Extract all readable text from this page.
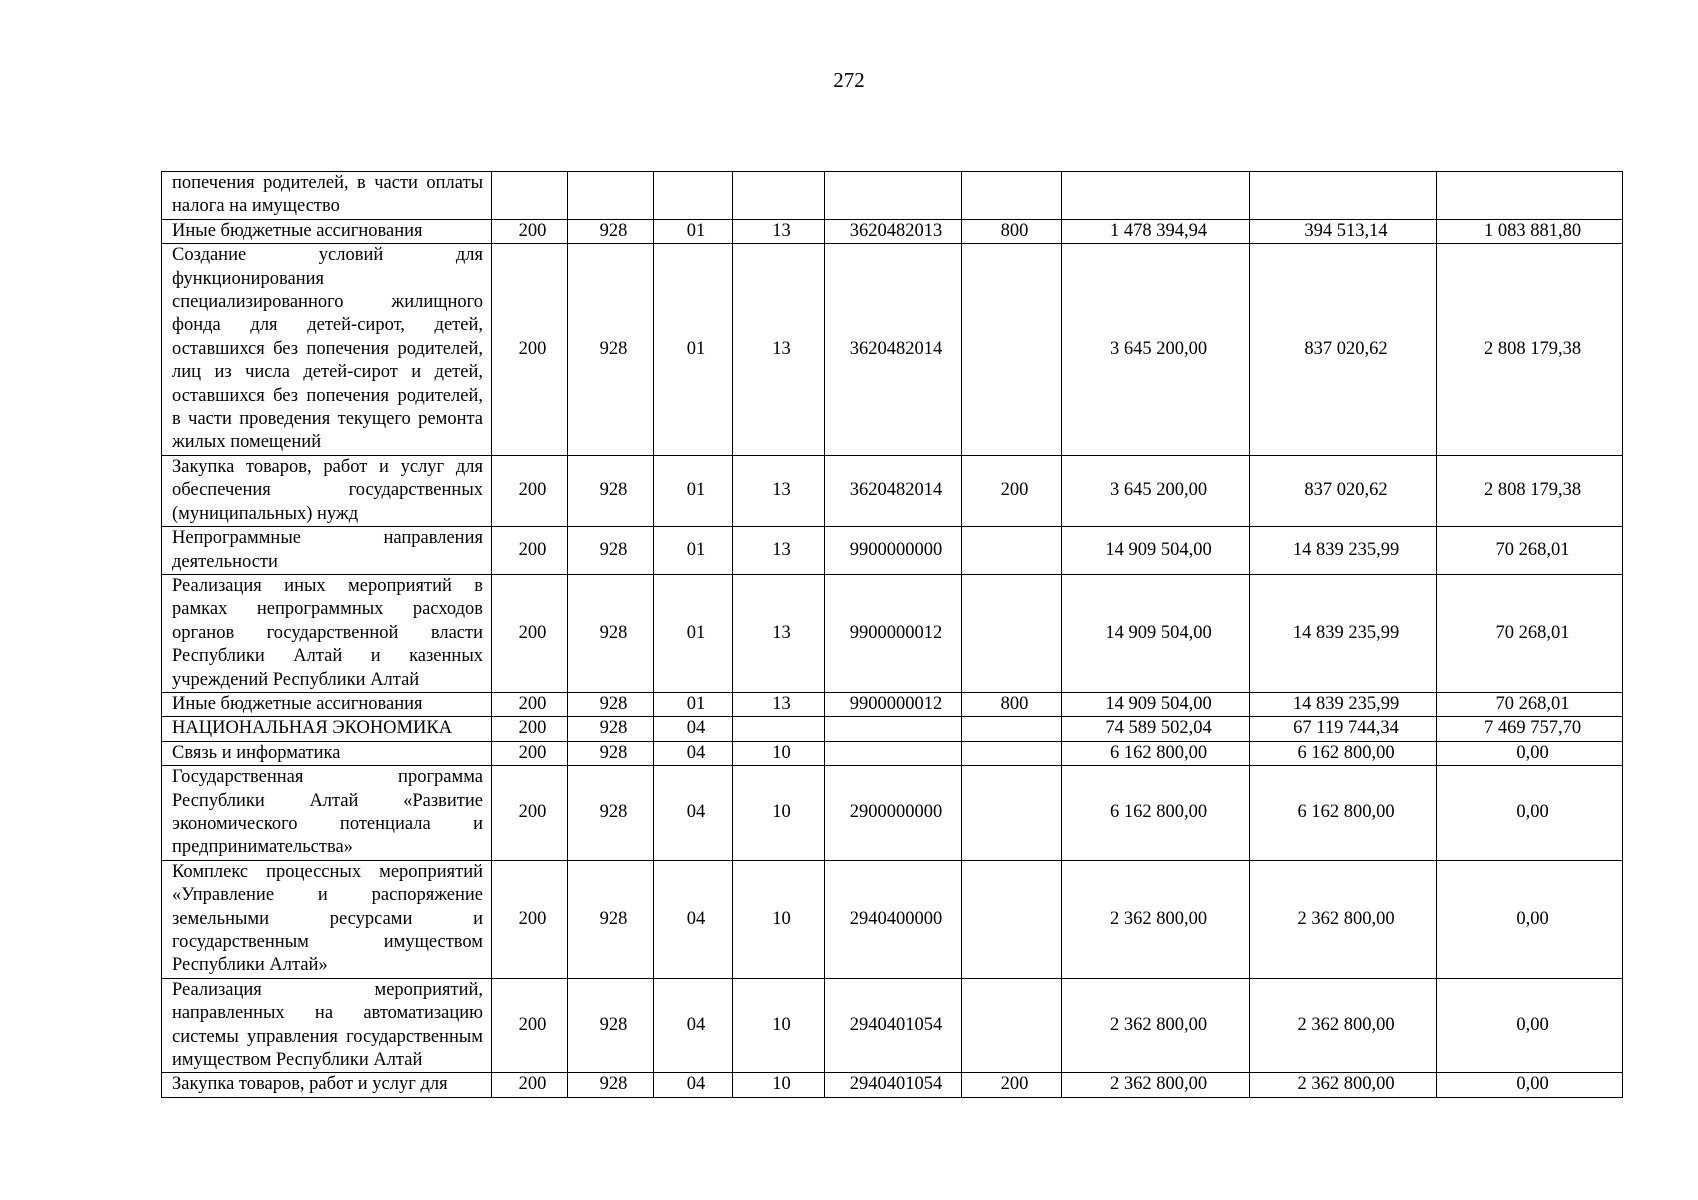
272
попечения родителей, в части оплаты налога на имущество									
Иные бюджетные ассигнования	200	928	01	13	3620482013	800	1 478 394,94	394 513,14	1 083 881,80
Создание условий для функционирования специализированного жилищного фонда для детей-сирот, детей, оставшихся без попечения родителей, лиц из числа детей-сирот и детей, оставшихся без попечения родителей, в части проведения текущего ремонта жилых помещений	200	928	01	13	3620482014		3 645 200,00	837 020,62	2 808 179,38
Закупка товаров, работ и услуг для обеспечения государственных (муниципальных) нужд	200	928	01	13	3620482014	200	3 645 200,00	837 020,62	2 808 179,38
Непрограммные направления деятельности	200	928	01	13	9900000000		14 909 504,00	14 839 235,99	70 268,01
Реализация иных мероприятий в рамках непрограммных расходов органов государственной власти Республики Алтай и казенных учреждений Республики Алтай	200	928	01	13	9900000012		14 909 504,00	14 839 235,99	70 268,01
Иные бюджетные ассигнования	200	928	01	13	9900000012	800	14 909 504,00	14 839 235,99	70 268,01
НАЦИОНАЛЬНАЯ ЭКОНОМИКА	200	928	04				74 589 502,04	67 119 744,34	7 469 757,70
Связь и информатика	200	928	04	10			6 162 800,00	6 162 800,00	0,00
Государственная программа Республики Алтай «Развитие экономического потенциала и предпринимательства»	200	928	04	10	2900000000		6 162 800,00	6 162 800,00	0,00
Комплекс процессных мероприятий «Управление и распоряжение земельными ресурсами и государственным имуществом Республики Алтай»	200	928	04	10	2940400000		2 362 800,00	2 362 800,00	0,00
Реализация мероприятий, направленных на автоматизацию системы управления государственным имуществом Республики Алтай	200	928	04	10	2940401054		2 362 800,00	2 362 800,00	0,00
Закупка товаров, работ и услуг для	200	928	04	10	2940401054	200	2 362 800,00	2 362 800,00	0,00
